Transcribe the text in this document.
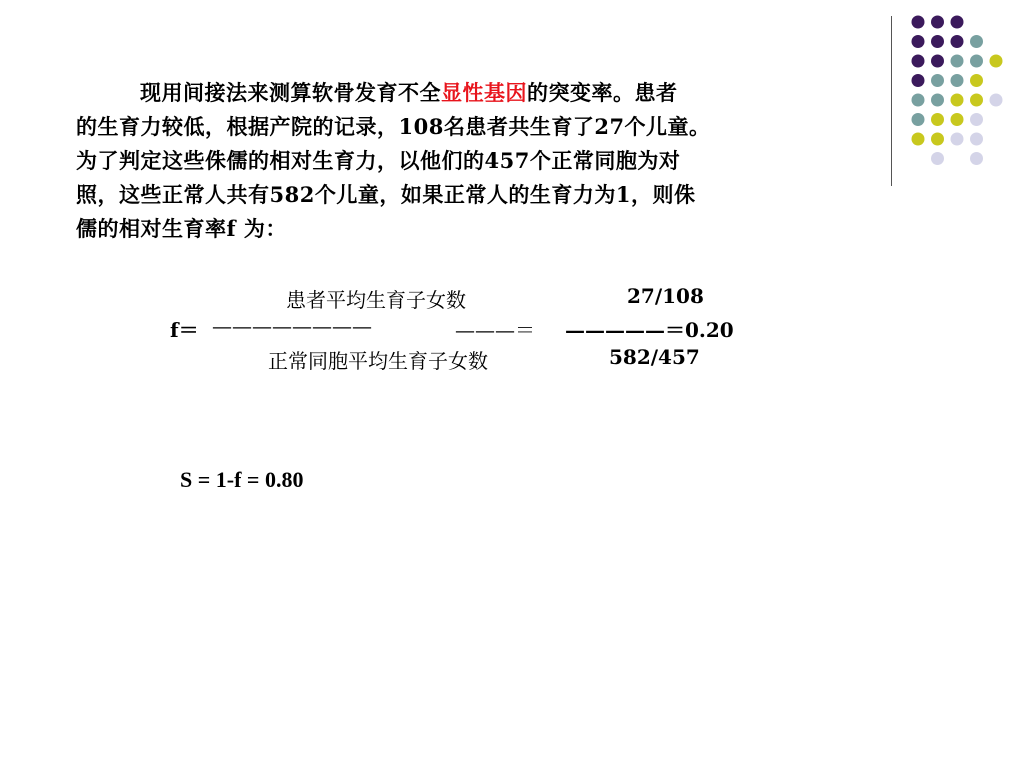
现用间接法来测算软骨发育不全显性基因的突变率。患者
的生育力较低，根据产院的记录，108名患者共生育了27个儿童。
为了判定这些侏儒的相对生育力，以他们的457个正常同胞为对
照，这些正常人共有582个儿童，如果正常人的生育力为1，则侏
儒的相对生育率f 为：

患者平均生育子女数	27/108
f＝ ————————	———＝ —————＝0.20
正常同胞平均生育子女数	582/457
S = 1-f = 0.80
